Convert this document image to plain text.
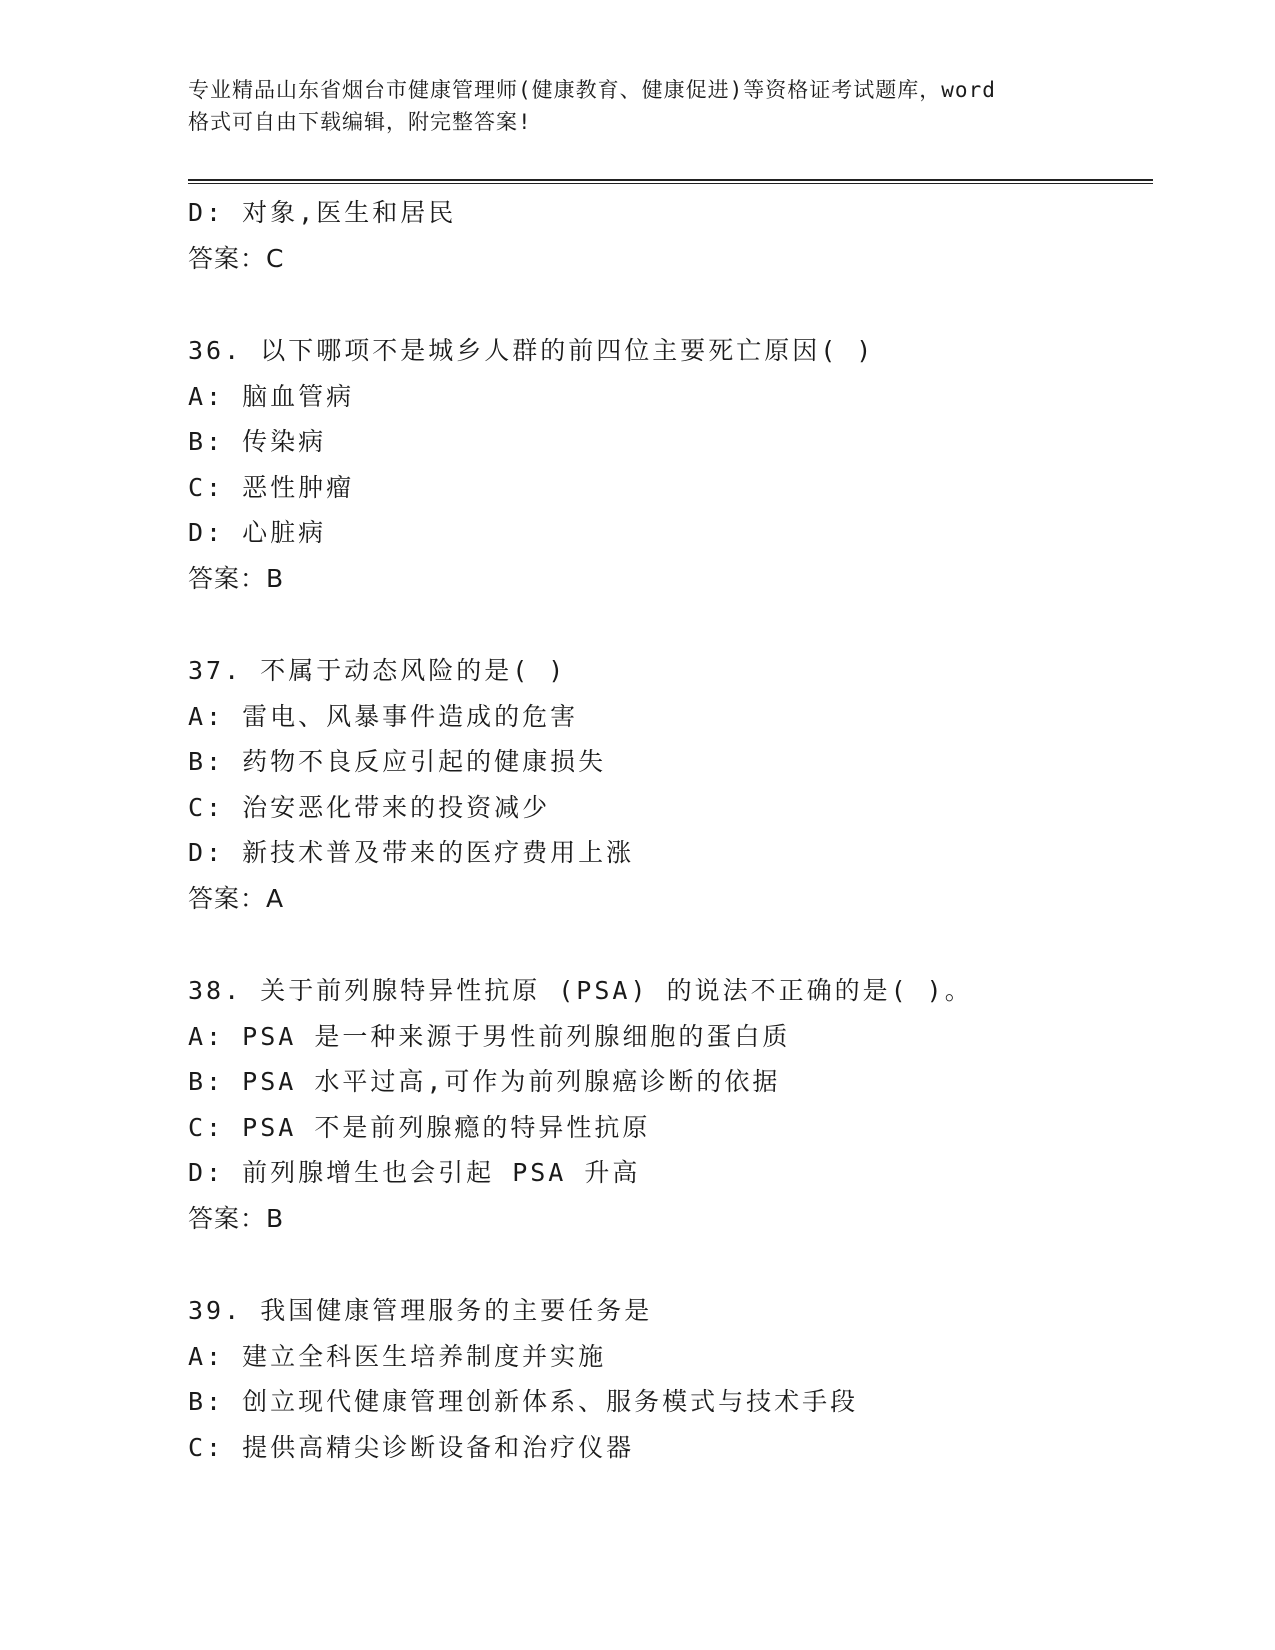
专业精品山东省烟台市健康管理师(健康教育、健康促进)等资格证考试题库，word
格式可自由下载编辑，附完整答案!
D: 对象,医生和居民
答案：C
36. 以下哪项不是城乡人群的前四位主要死亡原因( )
A: 脑血管病
B: 传染病
C: 恶性肿瘤
D: 心脏病
答案：B
37. 不属于动态风险的是( )
A: 雷电、风暴事件造成的危害
B: 药物不良反应引起的健康损失
C: 治安恶化带来的投资减少
D: 新技术普及带来的医疗费用上涨
答案：A
38. 关于前列腺特异性抗原 (PSA) 的说法不正确的是( )。
A: PSA 是一种来源于男性前列腺细胞的蛋白质
B: PSA 水平过高,可作为前列腺癌诊断的依据
C: PSA 不是前列腺瘾的特异性抗原
D: 前列腺增生也会引起 PSA 升高
答案：B
39. 我国健康管理服务的主要任务是
A: 建立全科医生培养制度并实施
B: 创立现代健康管理创新体系、服务模式与技术手段
C: 提供高精尖诊断设备和治疗仪器
